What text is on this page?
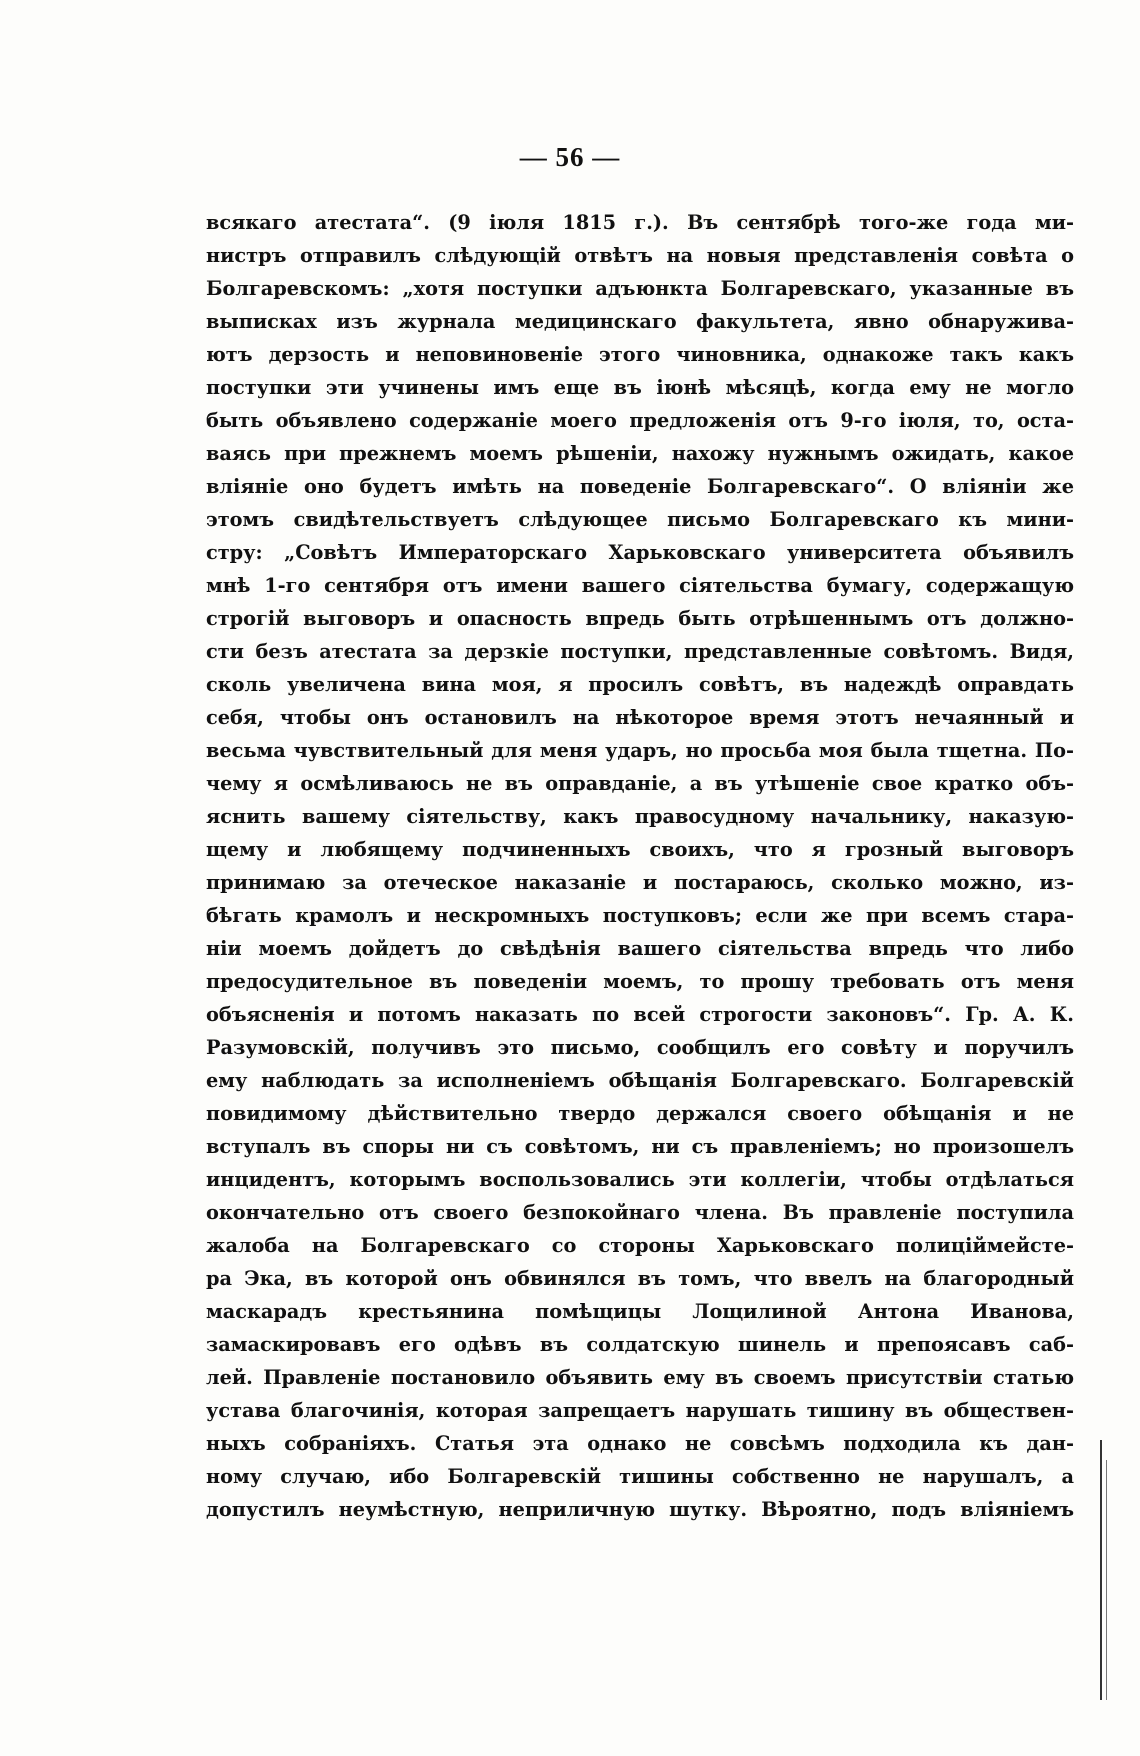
— 56 —
всякаго атестата“. (9 iюля 1815 г.). Въ сентябрѣ того-же года ми-
нистръ отправилъ слѣдующiй отвѣтъ на новыя представленiя совѣта о
Болгаревскомъ: „хотя поступки адъюнкта Болгаревскаго, указанные въ
выписках изъ журнала медицинскаго факультета, явно обнаружива-
ютъ дерзость и неповиновенiе этого чиновника, однакоже такъ какъ
поступки эти учинены имъ еще въ iюнѣ мѣсяцѣ, когда ему не могло
быть объявлено содержанiе моего предложенiя отъ 9-го iюля, то, оста-
ваясь при прежнемъ моемъ рѣшенiи, нахожу нужнымъ ожидать, какое
влiянiе оно будетъ имѣть на поведенiе Болгаревскаго“. О влiянiи же
этомъ свидѣтельствуетъ слѣдующее письмо Болгаревскаго къ мини-
стру: „Совѣтъ Императорскаго Харьковскаго университета объявилъ
мнѣ 1-го сентября отъ имени вашего сiятельства бумагу, содержащую
строгiй выговоръ и опасность впредь быть отрѣшеннымъ отъ должно-
сти безъ атестата за дерзкiе поступки, представленные совѣтомъ. Видя,
сколь увеличена вина моя, я просилъ совѣтъ, въ надеждѣ оправдать
себя, чтобы онъ остановилъ на нѣкоторое время этотъ нечаянный и
весьма чувствительный для меня ударъ, но просьба моя была тщетна. По-
чему я осмѣливаюсь не въ оправданiе, а въ утѣшенiе свое кратко объ-
яснить вашему сiятельству, какъ правосудному начальнику, наказую-
щему и любящему подчиненныхъ своихъ, что я грозный выговоръ
принимаю за отеческое наказанiе и постараюсь, сколько можно, из-
бѣгать крамолъ и нескромныхъ поступковъ; если же при всемъ стара-
нiи моемъ дойдетъ до свѣдѣнiя вашего сiятельства впредь что либо
предосудительное въ поведенiи моемъ, то прошу требовать отъ меня
объясненiя и потомъ наказать по всей строгости законовъ“. Гр. А. К.
Разумовскiй, получивъ это письмо, сообщилъ его совѣту и поручилъ
ему наблюдать за исполненiемъ обѣщанiя Болгаревскаго. Болгаревскiй
повидимому дѣйствительно твердо держался своего обѣщанiя и не
вступалъ въ споры ни съ совѣтомъ, ни съ правленiемъ; но произошелъ
инцидентъ, которымъ воспользовались эти коллегiи, чтобы отдѣлаться
окончательно отъ своего безпокойнаго члена. Въ правленiе поступила
жалоба на Болгаревскаго со стороны Харьковскаго полицiймейсте-
ра Эка, въ которой онъ обвинялся въ томъ, что ввелъ на благородный
маскарадъ крестьянина помѣщицы Лощилиной Антона Иванова,
замаскировавъ его одѣвъ въ солдатскую шинель и препоясавъ саб-
лей. Правленiе постановило объявить ему въ своемъ присутствiи статью
устава благочинiя, которая запрещаетъ нарушать тишину въ обществен-
ныхъ собранiяхъ. Статья эта однако не совсѣмъ подходила къ дан-
ному случаю, ибо Болгаревскiй тишины собственно не нарушалъ, а
допустилъ неумѣстную, неприличную шутку. Вѣроятно, подъ влiянiемъ
